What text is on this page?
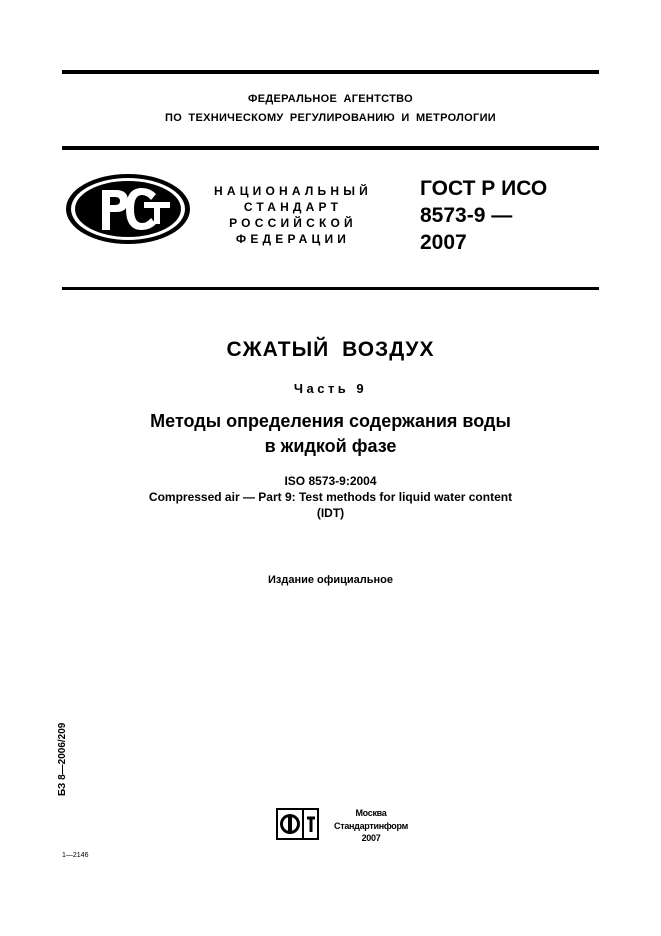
ФЕДЕРАЛЬНОЕ АГЕНТСТВО
ПО ТЕХНИЧЕСКОМУ РЕГУЛИРОВАНИЮ И МЕТРОЛОГИИ
НАЦИОНАЛЬНЫЙ
СТАНДАРТ
РОССИЙСКОЙ
ФЕДЕРАЦИИ
ГОСТ Р ИСО
8573-9 —
2007
СЖАТЫЙ ВОЗДУХ
Часть 9
Методы определения содержания воды
в жидкой фазе
ISO 8573-9:2004
Compressed air — Part 9: Test methods for liquid water content
(IDT)
Издание официальное
БЗ 8—2006/209
Москва
Стандартинформ
2007
1—2146
